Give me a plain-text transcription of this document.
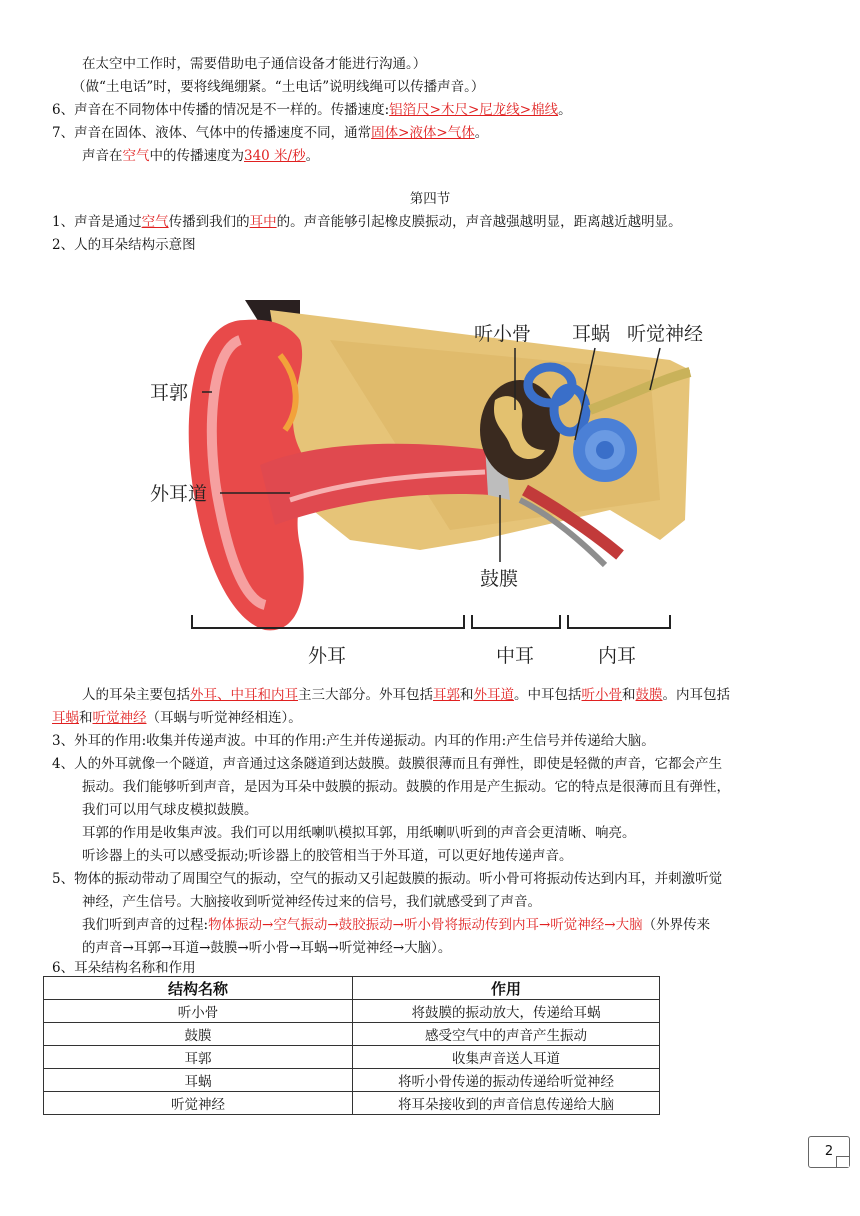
在太空中工作时，需要借助电子通信设备才能进行沟通。）
（做“土电话”时，要将线绳绷紧。“土电话”说明线绳可以传播声音。）
6、声音在不同物体中传播的情况是不一样的。传播速度:铝箔尺>木尺>尼龙线>棉线。
7、声音在固体、液体、气体中的传播速度不同，通常固体>液体>气体。
声音在空气中的传播速度为340 米/秒。
第四节
1、声音是通过空气传播到我们的耳中的。声音能够引起橡皮膜振动，声音越强越明显，距离越近越明显。
2、人的耳朵结构示意图
耳郭
外耳道
听小骨 耳蜗 听觉神经
鼓膜
外耳	中耳	内耳
人的耳朵主要包括外耳、中耳和内耳主三大部分。外耳包括耳郭和外耳道。中耳包括听小骨和鼓膜。内耳包括
耳蜗和听觉神经（耳蜗与听觉神经相连）。
3、外耳的作用:收集并传递声波。中耳的作用:产生并传递振动。内耳的作用:产生信号并传递给大脑。
4、人的外耳就像一个隧道，声音通过这条隧道到达鼓膜。鼓膜很薄而且有弹性，即使是轻微的声音，它都会产生
振动。我们能够听到声音，是因为耳朵中鼓膜的振动。鼓膜的作用是产生振动。它的特点是很薄而且有弹性，
我们可以用气球皮模拟鼓膜。
耳郭的作用是收集声波。我们可以用纸喇叭模拟耳郭，用纸喇叭听到的声音会更清晰、响亮。
听诊器上的头可以感受振动;听诊器上的胶管相当于外耳道，可以更好地传递声音。
5、物体的振动带动了周围空气的振动，空气的振动又引起鼓膜的振动。听小骨可将振动传达到内耳，并刺激听觉
神经，产生信号。大脑接收到听觉神经传过来的信号，我们就感受到了声音。
我们听到声音的过程:物体振动→空气振动→鼓胶振动→听小骨将振动传到内耳→听觉神经→大脑（外界传来
的声音→耳郭→耳道→鼓膜→听小骨→耳蜗→听觉神经→大脑）。
6、耳朵结构名称和作用
结构名称	作用
听小骨	将鼓膜的振动放大，传递给耳蜗
鼓膜	感受空气中的声音产生振动
耳郭	收集声音送人耳道
耳蜗	将听小骨传递的振动传递给听觉神经
听觉神经	将耳朵接收到的声音信息传递给大脑
2
